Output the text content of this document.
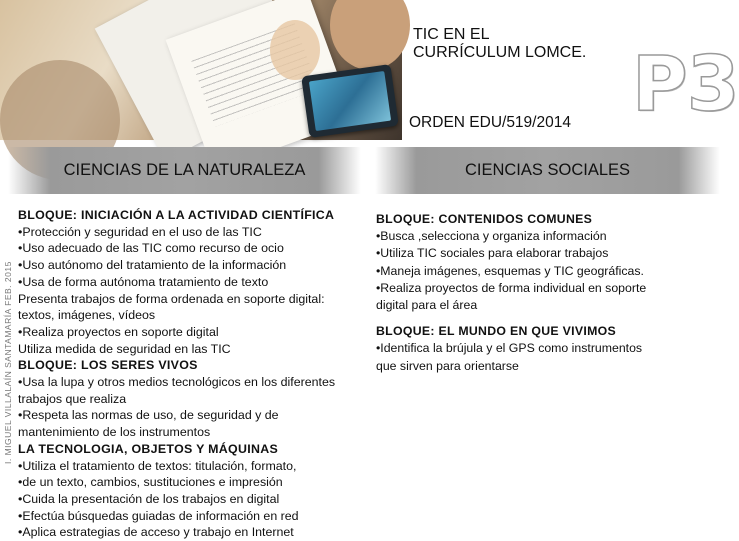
TIC EN EL
CURRÍCULUM LOMCE.
ORDEN EDU/519/2014 P3
CIENCIAS DE LA NATURALEZA	CIENCIAS SOCIALES
I. MIGUEL VILLALAÍN SANTAMARÍA FEB. 2015
BLOQUE: INICIACIÓN A LA ACTIVIDAD CIENTÍFICA
•Protección y seguridad en el uso de las TIC
•Uso adecuado de las TIC como recurso de ocio
•Uso autónomo del tratamiento de la información
•Usa de forma autónoma tratamiento de texto
Presenta trabajos de forma ordenada en soporte digital:
textos, imágenes, vídeos
•Realiza proyectos en soporte digital
Utiliza medida de seguridad en las TIC
BLOQUE: LOS SERES VIVOS
•Usa la lupa y otros medios tecnológicos en los diferentes
trabajos que realiza
•Respeta las normas de uso, de seguridad y de
mantenimiento de los instrumentos
LA TECNOLOGIA, OBJETOS Y MÁQUINAS
•Utiliza el tratamiento de textos: titulación, formato,
•de un texto, cambios, sustituciones e impresión
•Cuida la presentación de los trabajos en digital
•Efectúa búsquedas guiadas de información en red
•Aplica estrategias de acceso y trabajo en Internet
BLOQUE: CONTENIDOS COMUNES
•Busca ,selecciona y organiza información
•Utiliza TIC sociales para elaborar trabajos
•Maneja imágenes, esquemas y TIC geográficas.
•Realiza proyectos de forma individual en soporte
digital para el área
BLOQUE: EL MUNDO EN QUE VIVIMOS
•Identifica la brújula y el GPS como instrumentos
que sirven para orientarse
